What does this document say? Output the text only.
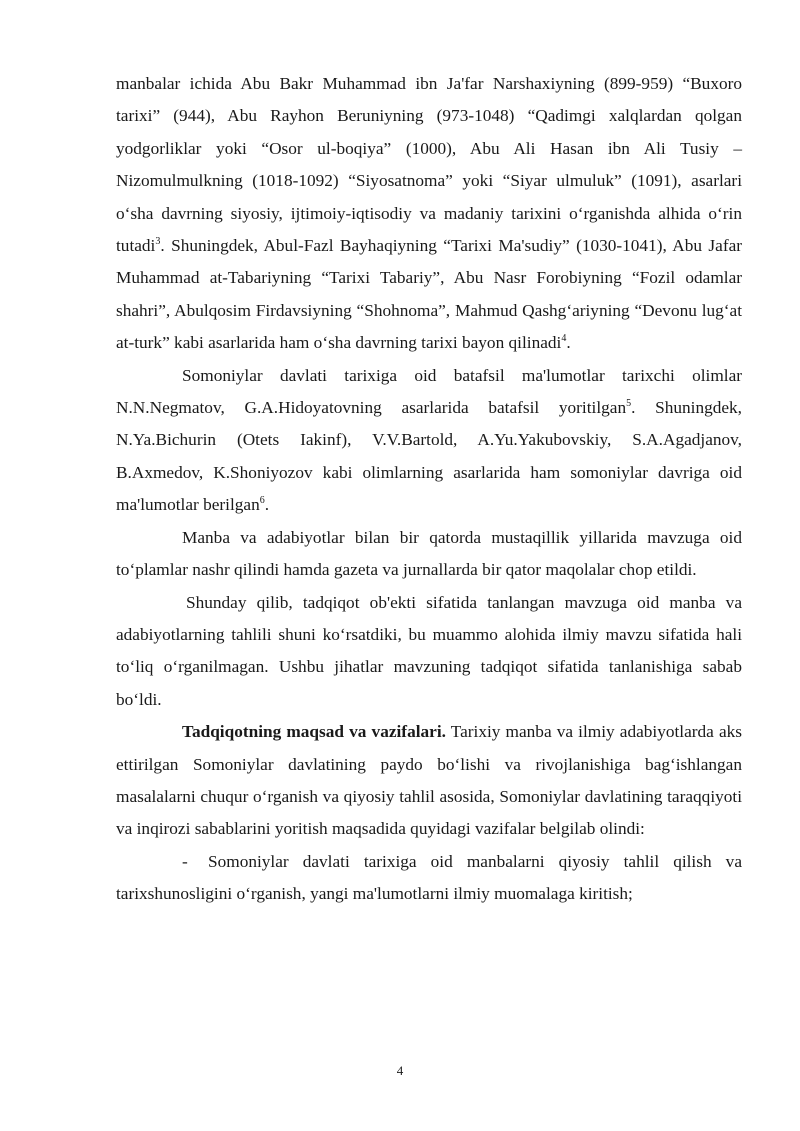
manbalar ichida Abu Bakr Muhammad ibn Ja'far Narshaxiyning (899-959) “Buxoro tarixi” (944), Abu Rayhon Beruniyning (973-1048) “Qadimgi xalqlardan qolgan yodgorliklar yoki “Osor ul-boqiya” (1000), Abu Ali Hasan ibn Ali Tusiy – Nizomulmulkning (1018-1092) “Siyosatnoma” yoki “Siyar ulmuluk” (1091), asarlari o‘sha davrning siyosiy, ijtimoiy-iqtisodiy va madaniy tarixini o‘rganishda alhida o‘rin tutadi$^3$. Shuningdek, Abul-Fazl Bayhaqiyning “Tarixi Ma'sudiy” (1030-1041), Abu Jafar Muhammad at-Tabariyning “Tarixi Tabariy”, Abu Nasr Forobiyning “Fozil odamlar shahri”, Abulqosim Firdavsiyning “Shohnoma”, Mahmud Qashg‘ariyning “Devonu lug‘at at-turk” kabi asarlarida ham o‘sha davrning tarixi bayon qilinadi$^4$.

Somoniylar davlati tarixiga oid batafsil ma'lumotlar tarixchi olimlar N.N.Negmatov, G.A.Hidoyatovning asarlarida batafsil yoritilgan$^5$. Shuningdek, N.Ya.Bichurin (Otets Iakinf), V.V.Bartold, A.Yu.Yakubovskiy, S.A.Agadjanov, B.Axmedov, K.Shoniyozov kabi olimlarning asarlarida ham somoniylar davriga oid ma'lumotlar berilgan$^6$.

Manba va adabiyotlar bilan bir qatorda mustaqillik yillarida mavzuga oid to‘plamlar nashr qilindi hamda gazeta va jurnallarda bir qator maqolalar chop etildi.

Shunday qilib, tadqiqot ob'ekti sifatida tanlangan mavzuga oid manba va adabiyotlarning tahlili shuni ko‘rsatdiki, bu muammo alohida ilmiy mavzu sifatida hali to‘liq o‘rganilmagan. Ushbu jihatlar mavzuning tadqiqot sifatida tanlanishiga sabab bo‘ldi.

Tadqiqotning maqsad va vazifalari. Tarixiy manba va ilmiy adabiyotlarda aks ettirilgan Somoniylar davlatining paydo bo‘lishi va rivojlanishiga bag‘ishlangan masalalarni chuqur o‘rganish va qiyosiy tahlil asosida, Somoniylar davlatining taraqqiyoti va inqirozi sabablarini yoritish maqsadida quyidagi vazifalar belgilab olindi:

- Somoniylar davlati tarixiga oid manbalarni qiyosiy tahlil qilish va tarixshunosligini o‘rganish, yangi ma'lumotlarni ilmiy muomalaga kiritish;

4
